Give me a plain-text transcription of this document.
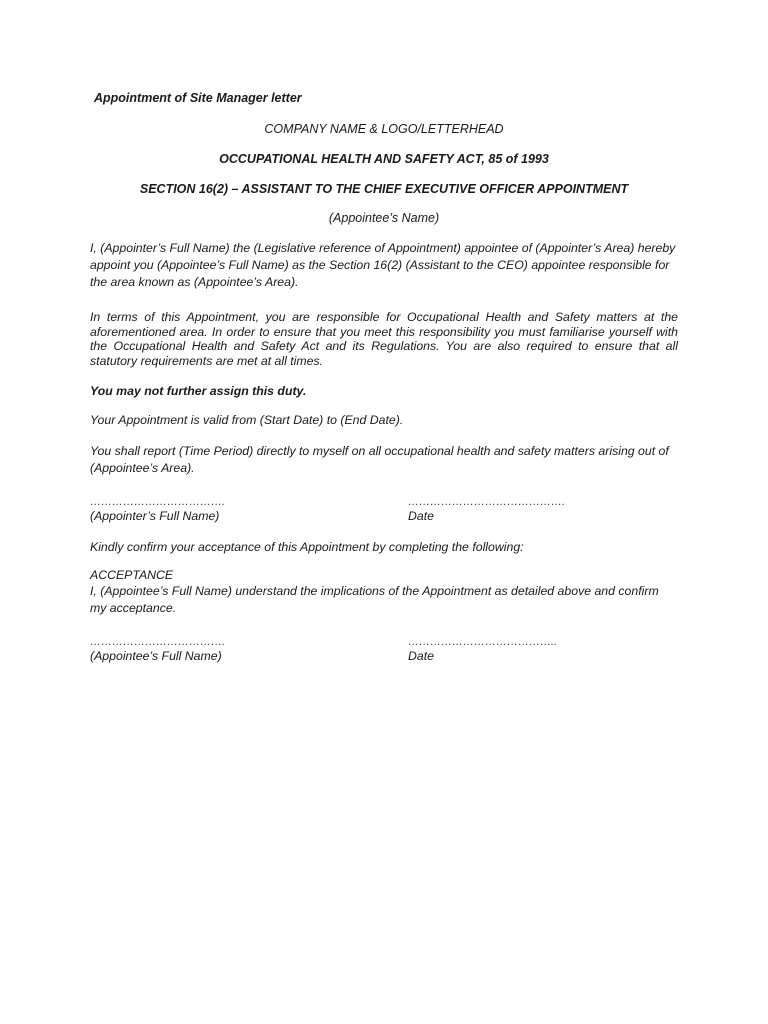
Appointment of Site Manager letter
COMPANY NAME & LOGO/LETTERHEAD
OCCUPATIONAL HEALTH AND SAFETY ACT, 85 of 1993
SECTION 16(2) – ASSISTANT TO THE CHIEF EXECUTIVE OFFICER APPOINTMENT
(Appointee’s Name)
I, (Appointer’s Full Name) the (Legislative reference of Appointment) appointee of (Appointer’s Area) hereby appoint you (Appointee’s Full Name) as the Section 16(2) (Assistant to the CEO) appointee responsible for the area known as (Appointee’s Area).
In terms of this Appointment, you are responsible for Occupational Health and Safety matters at the aforementioned area. In order to ensure that you meet this responsibility you must familiarise yourself with the Occupational Health and Safety Act and its Regulations. You are also required to ensure that all statutory requirements are met at all times.
You may not further assign this duty.
Your Appointment is valid from (Start Date) to (End Date).
You shall report (Time Period) directly to myself on all occupational health and safety matters arising out of (Appointee’s Area).
……………………………….	…………………………………….
(Appointer’s Full Name)	Date
Kindly confirm your acceptance of this Appointment by completing the following:
ACCEPTANCE
I, (Appointee’s Full Name) understand the implications of the Appointment as detailed above and confirm my acceptance.
……………………………….	…………………………………..
(Appointee’s Full Name)	Date
